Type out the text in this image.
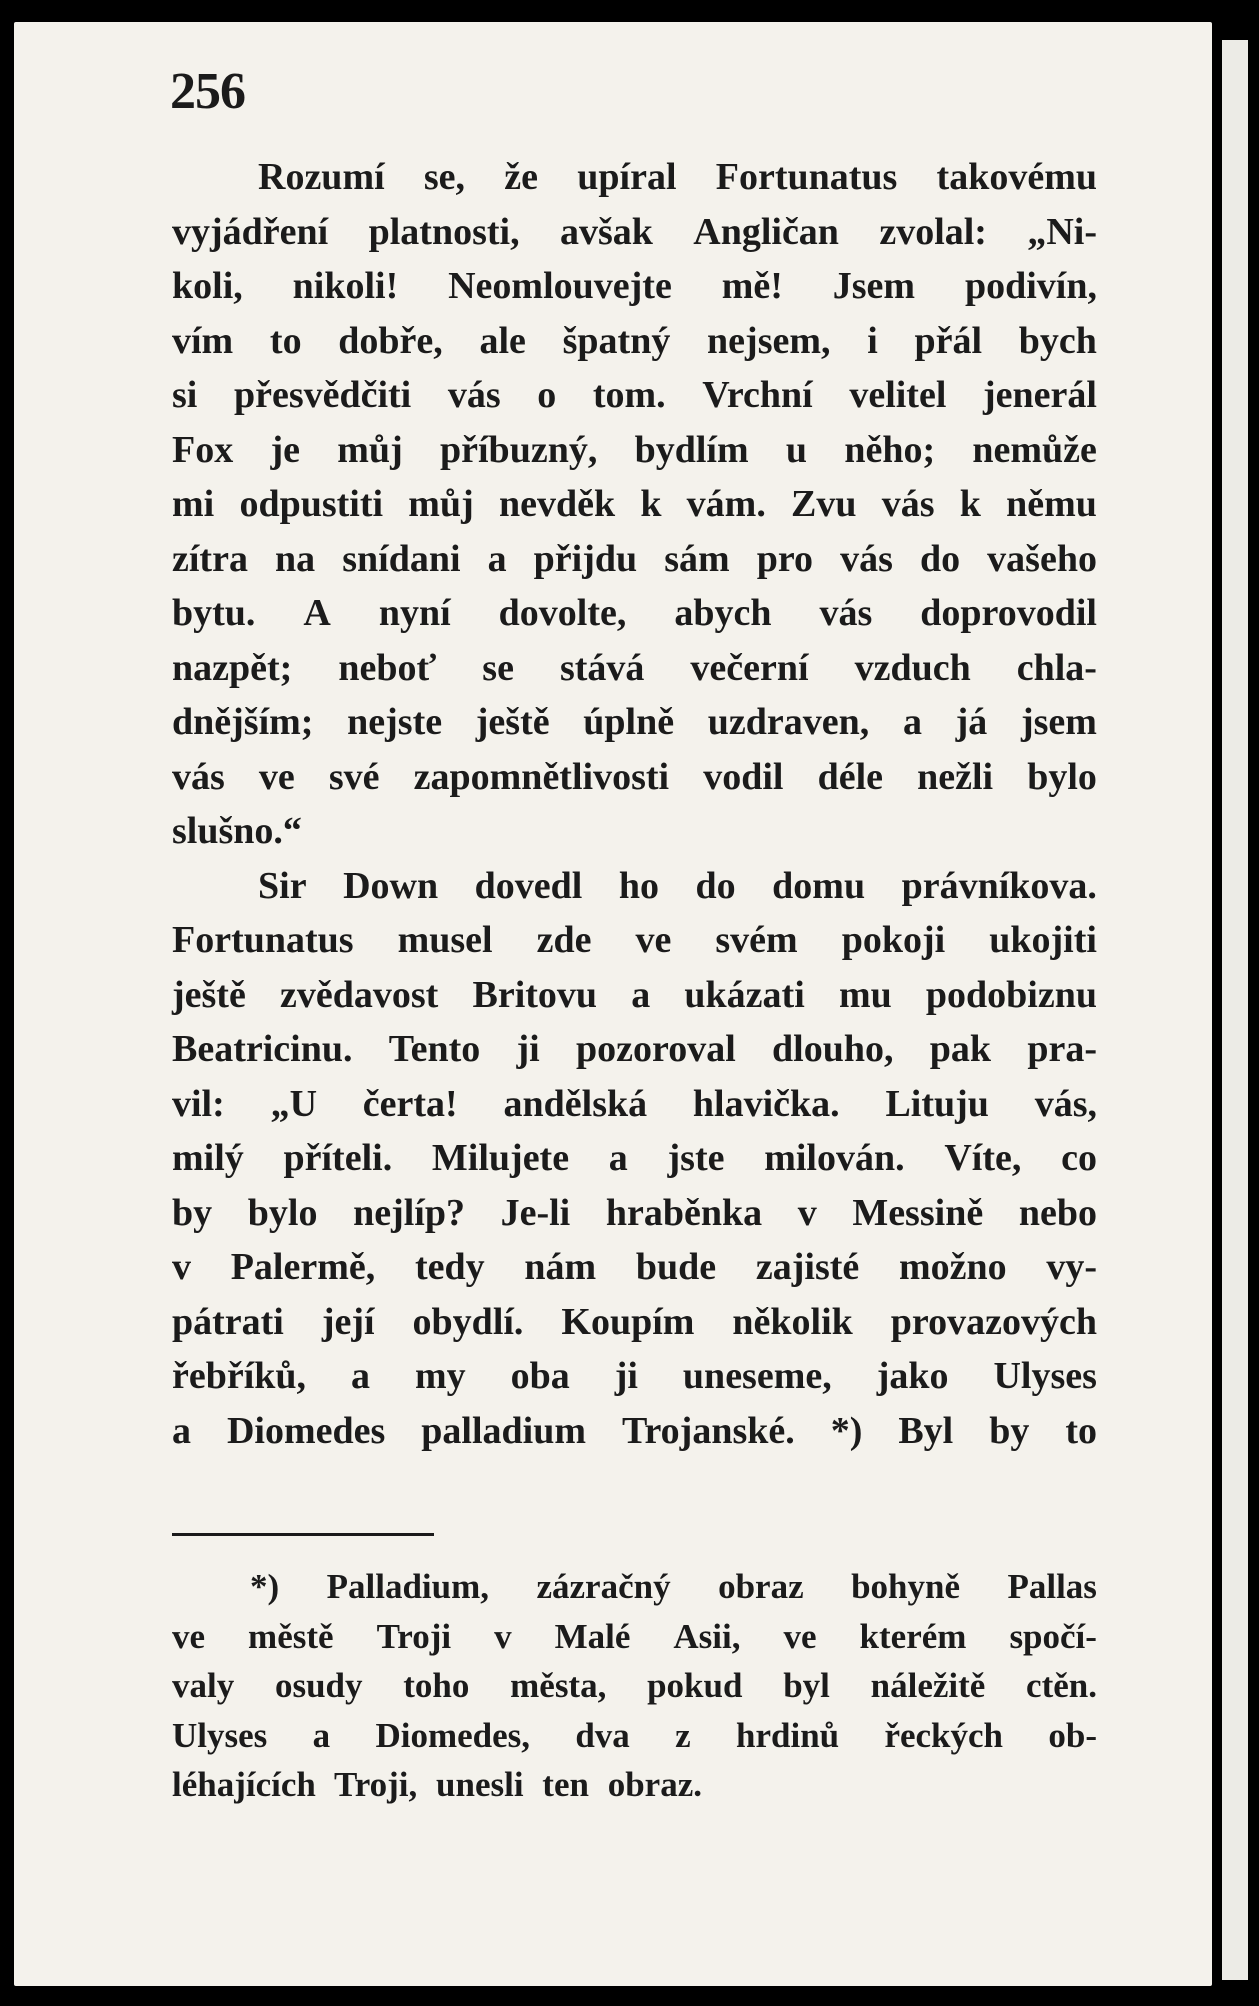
256
Rozumí se, že upíral Fortunatus takovému
vyjádření platnosti, avšak Angličan zvolal: „Ni-
koli, nikoli! Neomlouvejte mě! Jsem podivín,
vím to dobře, ale špatný nejsem, i přál bych
si přesvědčiti vás o tom. Vrchní velitel jenerál
Fox je můj příbuzný, bydlím u něho; nemůže
mi odpustiti můj nevděk k vám. Zvu vás k němu
zítra na snídani a přijdu sám pro vás do vašeho
bytu. A nyní dovolte, abych vás doprovodil
nazpět; neboť se stává večerní vzduch chla-
dnějším; nejste ještě úplně uzdraven, a já jsem
vás ve své zapomnětlivosti vodil déle nežli bylo
slušno.“
Sir Down dovedl ho do domu právníkova.
Fortunatus musel zde ve svém pokoji ukojiti
ještě zvědavost Britovu a ukázati mu podobiznu
Beatricinu. Tento ji pozoroval dlouho, pak pra-
vil: „U čerta! andělská hlavička. Lituju vás,
milý příteli. Milujete a jste milován. Víte, co
by bylo nejlíp? Je-li hraběnka v Messině nebo
v Palermě, tedy nám bude zajisté možno vy-
pátrati její obydlí. Koupím několik provazových
řebříků, a my oba ji uneseme, jako Ulyses
a Diomedes palladium Trojanské. *) Byl by to
*) Palladium, zázračný obraz bohyně Pallas
ve městě Troji v Malé Asii, ve kterém spočí-
valy osudy toho města, pokud byl náležitě ctěn.
Ulyses a Diomedes, dva z hrdinů řeckých ob-
léhajících Troji, unesli ten obraz.
